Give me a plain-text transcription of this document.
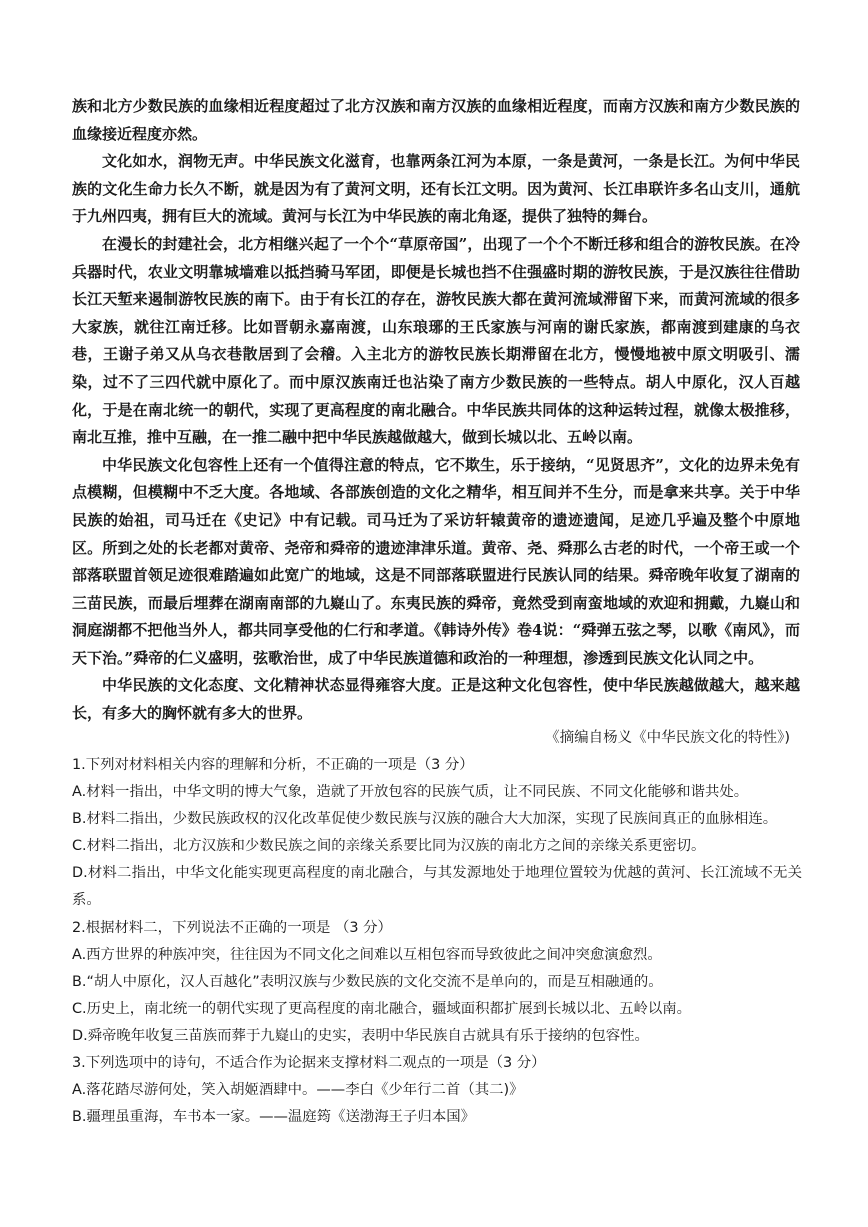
族和北方少数民族的血缘相近程度超过了北方汉族和南方汉族的血缘相近程度，而南方汉族和南方少数民族的血缘接近程度亦然。

文化如水，润物无声。中华民族文化滋育，也靠两条江河为本原，一条是黄河，一条是长江。为何中华民族的文化生命力长久不断，就是因为有了黄河文明，还有长江文明。因为黄河、长江串联许多名山支川，通航于九州四夷，拥有巨大的流域。黄河与长江为中华民族的南北角逐，提供了独特的舞台。

在漫长的封建社会，北方相继兴起了一个个“草原帝国”，出现了一个个不断迁移和组合的游牧民族。在冷兵器时代，农业文明靠城墙难以抵挡骑马军团，即便是长城也挡不住强盛时期的游牧民族，于是汉族往往借助长江天堑来遏制游牧民族的南下。由于有长江的存在，游牧民族大都在黄河流域滞留下来，而黄河流域的很多大家族，就往江南迁移。比如晋朝永嘉南渡，山东琅琊的王氏家族与河南的谢氏家族，都南渡到建康的乌衣巷，王谢子弟又从乌衣巷散居到了会稽。入主北方的游牧民族长期滞留在北方，慢慢地被中原文明吸引、濡染，过不了三四代就中原化了。而中原汉族南迁也沾染了南方少数民族的一些特点。胡人中原化，汉人百越化，于是在南北统一的朝代，实现了更高程度的南北融合。中华民族共同体的这种运转过程，就像太极推移，南北互推，推中互融，在一推二融中把中华民族越做越大，做到长城以北、五岭以南。

中华民族文化包容性上还有一个值得注意的特点，它不欺生，乐于接纳，“见贤思齐”，文化的边界未免有点模糊，但模糊中不乏大度。各地域、各部族创造的文化之精华，相互间并不生分，而是拿来共享。关于中华民族的始祖，司马迁在《史记》中有记载。司马迁为了采访轩辕黄帝的遗迹遗闻，足迹几乎遍及整个中原地区。所到之处的长老都对黄帝、尧帝和舜帝的遗迹津津乐道。黄帝、尧、舜那么古老的时代，一个帝王或一个部落联盟首领足迹很难踏遍如此宽广的地域，这是不同部落联盟进行民族认同的结果。舜帝晚年收复了湖南的三苗民族，而最后埋葬在湖南南部的九嶷山了。东夷民族的舜帝，竟然受到南蛮地域的欢迎和拥戴，九嶷山和洞庭湖都不把他当外人，都共同享受他的仁行和孝道。《韩诗外传》卷4说：“舜弹五弦之琴，以歌《南风》，而天下治。”舜帝的仁义盛明，弦歌治世，成了中华民族道德和政治的一种理想，渗透到民族文化认同之中。

中华民族的文化态度、文化精神状态显得雍容大度。正是这种文化包容性，使中华民族越做越大，越来越长，有多大的胸怀就有多大的世界。

《摘编自杨义《中华民族文化的特性》)

1.下列对材料相关内容的理解和分析，不正确的一项是（3 分）

A.材料一指出，中华文明的博大气象，造就了开放包容的民族气质，让不同民族、不同文化能够和谐共处。

B.材料二指出，少数民族政权的汉化改革促使少数民族与汉族的融合大大加深，实现了民族间真正的血脉相连。

C.材料二指出，北方汉族和少数民族之间的亲缘关系要比同为汉族的南北方之间的亲缘关系更密切。

D.材料二指出，中华文化能实现更高程度的南北融合，与其发源地处于地理位置较为优越的黄河、长江流域不无关系。

2.根据材料二，下列说法不正确的一项是 （3 分）

A.西方世界的种族冲突，往往因为不同文化之间难以互相包容而导致彼此之间冲突愈演愈烈。

B.“胡人中原化，汉人百越化”表明汉族与少数民族的文化交流不是单向的，而是互相融通的。

C.历史上，南北统一的朝代实现了更高程度的南北融合，疆域面积都扩展到长城以北、五岭以南。

D.舜帝晚年收复三苗族而葬于九嶷山的史实，表明中华民族自古就具有乐于接纳的包容性。

3.下列选项中的诗句，不适合作为论据来支撑材料二观点的一项是（3 分）

A.落花踏尽游何处，笑入胡姬酒肆中。——李白《少年行二首（其二)》

B.疆理虽重海，车书本一家。——温庭筠《送渤海王子归本国》
